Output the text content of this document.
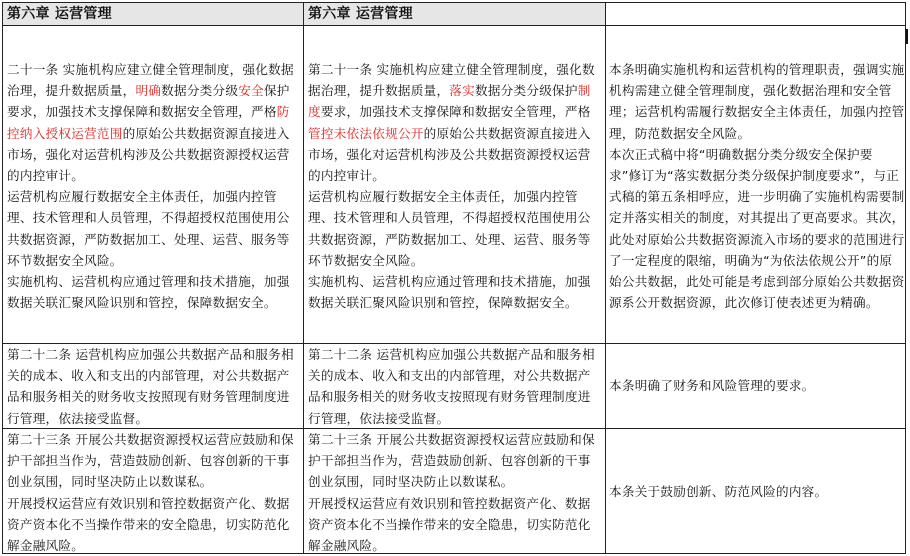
第六章 运营管理	第六章 运营管理

二十一条 实施机构应建立健全管理制度，强化数据治理，提升数据质量，明确数据分类分级安全保护要求，加强技术支撑保障和数据安全管理，严格防控纳入授权运营范围的原始公共数据资源直接进入市场，强化对运营机构涉及公共数据资源授权运营的内控审计。

运营机构应履行数据安全主体责任，加强内控管理、技术管理和人员管理，不得超授权范围使用公共数据资源，严防数据加工、处理、运营、服务等环节数据安全风险。

实施机构、运营机构应通过管理和技术措施，加强数据关联汇聚风险识别和管控，保障数据安全。

第二十一条 实施机构应建立健全管理制度，强化数据治理，提升数据质量，落实数据分类分级保护制度要求，加强技术支撑保障和数据安全管理，严格管控未依法依规公开的原始公共数据资源直接进入市场，强化对运营机构涉及公共数据资源授权运营的内控审计。

运营机构应履行数据安全主体责任，加强内控管理、技术管理和人员管理，不得超授权范围使用公共数据资源，严防数据加工、处理、运营、服务等环节数据安全风险。

实施机构、运营机构应通过管理和技术措施，加强数据关联汇聚风险识别和管控，保障数据安全。

本条明确实施机构和运营机构的管理职责，强调实施机构需建立健全管理制度，强化数据治理和安全管理；运营机构需履行数据安全主体责任，加强内控管理，防范数据安全风险。

本次正式稿中将“明确数据分类分级安全保护要求”修订为“落实数据分类分级保护制度要求”，与正式稿的第五条相呼应，进一步明确了实施机构需要制定并落实相关的制度，对其提出了更高要求。其次，此处对原始公共数据资源流入市场的要求的范围进行了一定程度的限缩，明确为“为依法依规公开”的原始公共数据，此处可能是考虑到部分原始公共数据资源系公开数据资源，此次修订使表述更为精确。

第二十二条 运营机构应加强公共数据产品和服务相关的成本、收入和支出的内部管理，对公共数据产品和服务相关的财务收支按照现有财务管理制度进行管理，依法接受监督。

第二十二条 运营机构应加强公共数据产品和服务相关的成本、收入和支出的内部管理，对公共数据产品和服务相关的财务收支按照现有财务管理制度进行管理，依法接受监督。

本条明确了财务和风险管理的要求。

第二十三条 开展公共数据资源授权运营应鼓励和保护干部担当作为，营造鼓励创新、包容创新的干事创业氛围，同时坚决防止以数谋私。

开展授权运营应有效识别和管控数据资产化、数据资产资本化不当操作带来的安全隐患，切实防范化解金融风险。

第二十三条 开展公共数据资源授权运营应鼓励和保护干部担当作为，营造鼓励创新、包容创新的干事创业氛围，同时坚决防止以数谋私。

开展授权运营应有效识别和管控数据资产化、数据资产资本化不当操作带来的安全隐患，切实防范化解金融风险。

本条关于鼓励创新、防范风险的内容。
